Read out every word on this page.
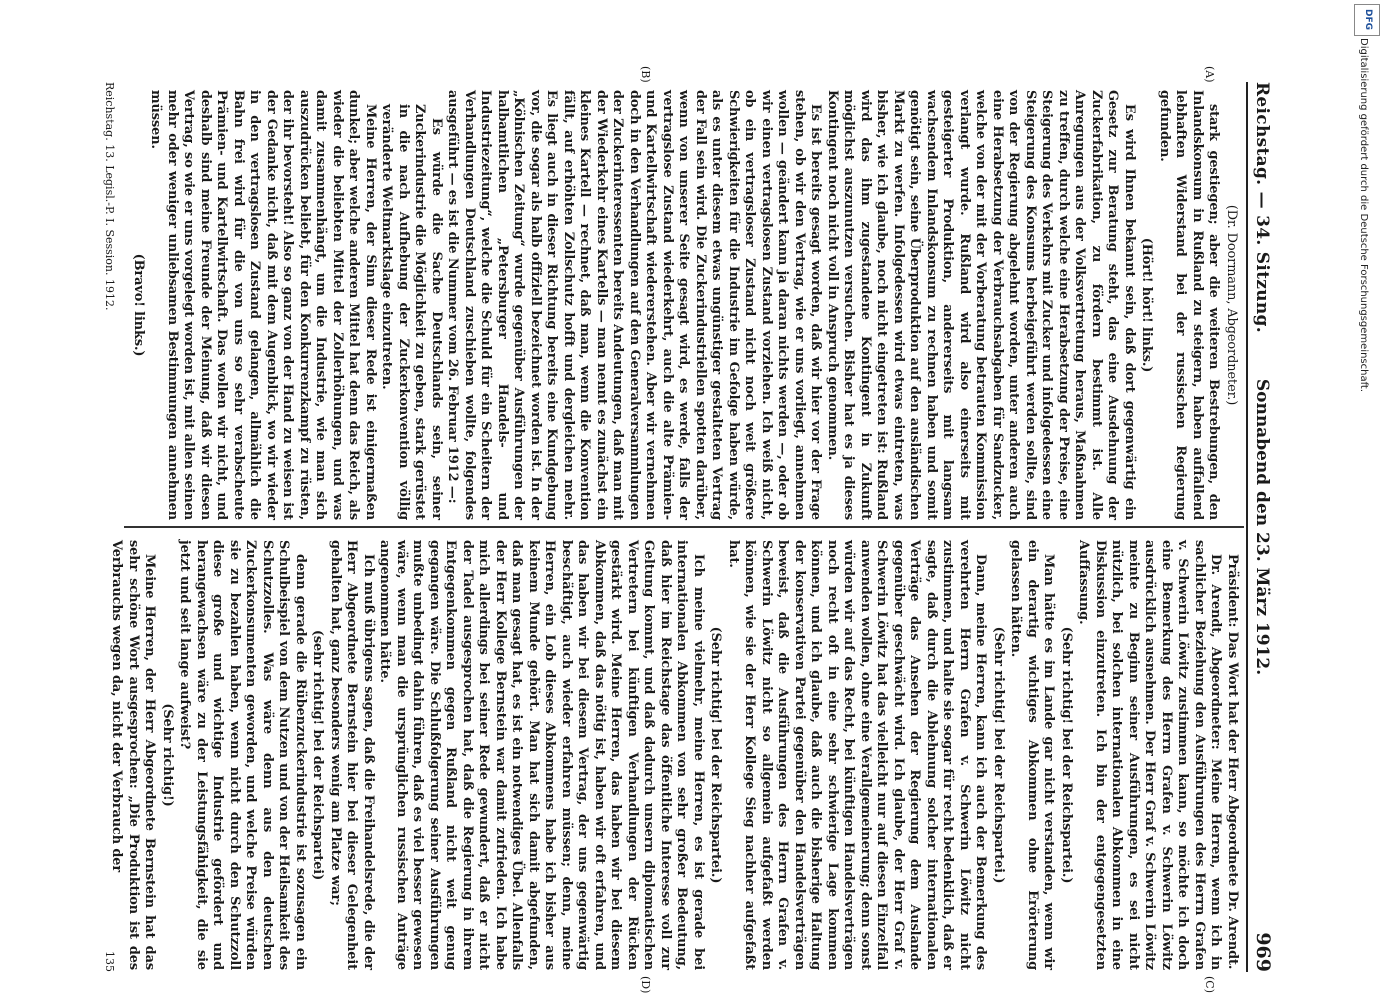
Reichstag. — 34. Sitzung.
Sonnabend den 23. März 1912.
969
(A)
(B)
(C)
(D)

(Dr. Doormann, Abgeordneter.)

stark gestiegen; aber die weiteren Bestrebungen, den Inlandskonsum in Rußland zu steigern, haben auffallend lebhaften Widerstand bei der russischen Regierung gefunden.

(Hört! hört! links.)

Es wird Ihnen bekannt sein, daß dort gegenwärtig ein Gesetz zur Beratung steht, das eine Ausdehnung der Zuckerfabrikation, zu fördern bestimmt ist. Alle Anregungen aus der Volksvertretung heraus, Maßnahmen zu treffen, durch welche eine Herabsetzung der Preise, eine Steigerung des Verkehrs mit Zucker und infolgedessen eine Steigerung des Konsums herbeigeführt werden sollte, sind von der Regierung abgelehnt worden, unter anderen auch eine Herabsetzung der Verbrauchsabgaben für Sandzucker, welche von der mit der Vorberatung betrauten Kommission verlangt wurde. Rußland wird also einerseits mit gesteigerter Produktion, andererseits mit langsam wachsendem Inlandskonsum zu rechnen haben und somit genötigt sein, seine Überproduktion auf den ausländischen Markt zu werfen. Infolgedessen wird etwas eintreten, was bisher, wie ich glaube, noch nicht eingetreten ist: Rußland wird das ihm zugestandene Kontingent in Zukunft möglichst auszunutzen versuchen. Bisher hat es ja dieses Kontingent noch nicht voll in Anspruch genommen.

Es ist bereits gesagt worden, daß wir hier vor der Frage stehen, ob wir den Vertrag, wie er uns vorliegt, annehmen wollen — geändert kann ja daran nichts werden —, oder ob wir einen vertragslosen Zustand vorziehen. Ich weiß nicht, ob ein vertragsloser Zustand nicht noch weit größere Schwierigkeiten für die Industrie im Gefolge haben würde, als es unter diesem etwas ungünstiger gestalteten Vertrag der Fall sein wird. Die Zuckerindustriellen spotten darüber, wenn von unserer Seite gesagt wird, es werde, falls der vertragslose Zustand wiederkehrt, auch die alte Prämien- und Kartellwirtschaft wiedererstehen. Aber wir vernehmen doch in den Verhandlungen auf den Generalversammlungen der Zuckerinteressenten bereits Andeutungen, daß man mit der Wiederkehr eines Kartells — man nennt es zunächst ein kleines Kartell — rechnet, daß man, wenn die Konvention fällt, auf erhöhten Zollschutz hofft und dergleichen mehr. Es liegt auch in dieser Richtung bereits eine Kundgebung vor, die sogar als halb offiziell bezeichnet worden ist. In der „Kölnischen Zeitung“ wurde gegenüber Ausführungen der halbamtlichen „Petersburger Handels- und Industriezeitung“, welche die Schuld für ein Scheitern der Verhandlungen Deutschland zuschieben wollte, folgendes ausgeführt — es ist die Nummer vom 26. Februar 1912 —:

Es würde die Sache Deutschlands sein, seiner Zuckerindustrie die Möglichkeit zu geben, stark gerüstet in die nach Aufhebung der Zuckerkonvention völlig veränderte Weltmarktslage einzutreten.

Meine Herren, der Sinn dieser Rede ist einigermaßen dunkel; aber welche anderen Mittel hat denn das Reich, als wieder die beliebten Mittel der Zollerhöhungen, und was damit zusammenhängt, um die Industrie, wie man sich auszudrücken beliebt, für den Konkurrenzkampf zu rüsten, der ihr bevorsteht! Also so ganz von der Hand zu weisen ist der Gedanke nicht, daß mit dem Augenblick, wo wir wieder in den vertragslosen Zustand gelangen, allmählich die Bahn frei wird für die von uns so sehr verabscheute Prämien- und Kartellwirtschaft. Das wollen wir nicht, und deshalb sind meine Freunde der Meinung, daß wir diesen Vertrag, so wie er uns vorgelegt worden ist, mit allen seinen mehr oder weniger unliebsamen Bestimmungen annehmen müssen.

(Bravo! links.)

Präsident: Das Wort hat der Herr Abgeordnete Dr. Arendt.

Dr. Arendt, Abgeordneter: Meine Herren, wenn ich in sachlicher Beziehung den Ausführungen des Herrn Grafen v. Schwerin Löwitz zustimmen kann, so möchte ich doch eine Bemerkung des Herrn Grafen v. Schwerin Löwitz ausdrücklich ausnehmen. Der Herr Graf v. Schwerin Löwitz meinte zu Beginn seiner Ausführungen, es sei nicht nützlich, bei solchen internationalen Abkommen in eine Diskussion einzutreten. Ich bin der entgegengesetzten Auffassung.

(Sehr richtig! bei der Reichspartei.)

Man hätte es im Lande gar nicht verstanden, wenn wir ein derartig wichtiges Abkommen ohne Erörterung gelassen hätten.

(Sehr richtig! bei der Reichspartei.)

Dann, meine Herren, kann ich auch der Bemerkung des verehrten Herrn Grafen v. Schwerin Löwitz nicht zustimmen, und halte sie sogar für recht bedenklich, daß er sagte, daß durch die Ablehnung solcher internationalen Verträge das Ansehen der Regierung dem Auslande gegenüber geschwächt wird. Ich glaube, der Herr Graf v. Schwerin Löwitz hat das vielleicht nur auf diesen Einzelfall anwenden wollen, ohne eine Verallgemeinerung; denn sonst würden wir auf das Recht, bei künftigen Handelsverträgen noch recht oft in eine sehr schwierige Lage kommen können, und ich glaube, daß auch die bisherige Haltung der konservativen Partei gegenüber den Handelsverträgen beweist, daß die Ausführungen des Herrn Grafen v. Schwerin Löwitz nicht so allgemein aufgefaßt werden können, wie sie der Herr Kollege Sieg nachher aufgefaßt hat.

(Sehr richtig! bei der Reichspartei.)

Ich meine vielmehr, meine Herren, es ist gerade bei internationalen Abkommen von sehr großer Bedeutung, daß hier im Reichstage das öffentliche Interesse voll zur Geltung kommt, und daß dadurch unsern diplomatischen Vertretern bei künftigen Verhandlungen der Rücken gestärkt wird. Meine Herren, das haben wir bei diesem Abkommen, daß das nötig ist, haben wir oft erfahren, und das haben wir bei diesem Vertrag, der uns gegenwärtig beschäftigt, auch wieder erfahren müssen; denn, meine Herren, ein Lob dieses Abkommens habe ich bisher aus keinem Munde gehört. Man hat sich damit abgefunden, daß man gesagt hat, es ist ein notwendiges Übel. Allenfalls der Herr Kollege Bernstein war damit zufrieden. Ich habe mich allerdings bei seiner Rede gewundert, daß er nicht der Tadel ausgesprochen hat, daß die Regierung in ihrem Entgegenkommen gegen Rußland nicht weit genug gegangen wäre. Die Schlußfolgerung seiner Ausführungen mußte unbedingt dahin führen, daß es viel besser gewesen wäre, wenn man die ursprünglichen russischen Anträge angenommen hätte.

Ich muß übrigens sagen, daß die Freihandelsrede, die der Herr Abgeordnete Bernstein hier bei dieser Gelegenheit gehalten hat, ganz besonders wenig am Platze war;

(sehr richtig! bei der Reichspartei)

denn gerade die Rübenzuckerindustrie ist sozusagen ein Schulbeispiel von dem Nutzen und von der Heilsamkeit des Schutzzolles. Was wäre denn aus den deutschen Zuckerkonsumenten geworden, und welche Preise würden sie zu bezahlen haben, wenn nicht durch den Schutzzoll diese große und wichtige Industrie gefördert und herangewachsen wäre zu der Leistungsfähigkeit, die sie jetzt und seit lange aufweist?

(Sehr richtig!)

Meine Herren, der Herr Abgeordnete Bernstein hat das sehr schöne Wort ausgesprochen: „Die Produktion ist des Verbrauchs wegen da, nicht der Verbrauch der

Reichstag. 13. Legisl.-P. I. Session. 1912.
135
DFG
Digitalisierung gefördert durch die Deutsche Forschungsgemeinschaft.
